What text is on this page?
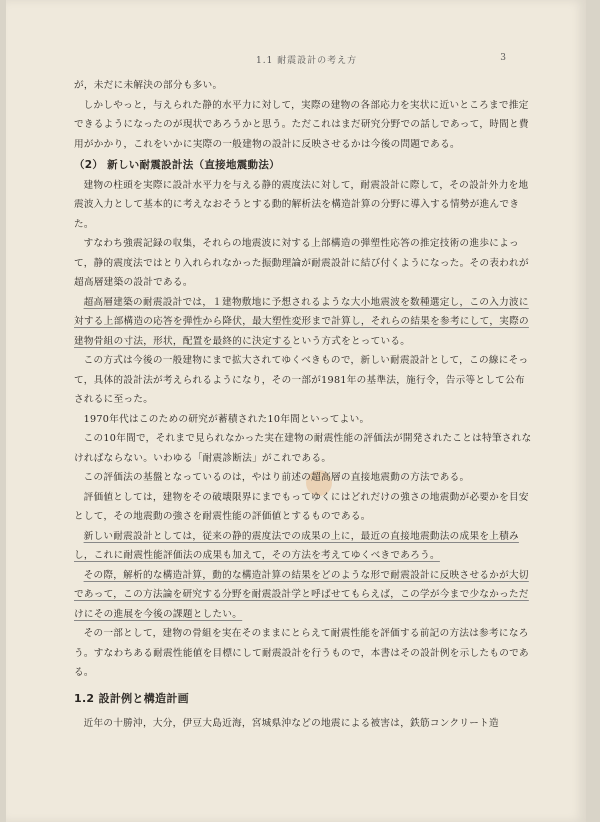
1.1 耐震設計の考え方	3

が，未だに未解決の部分も多い。

しかしやっと，与えられた静的水平力に対して，実際の建物の各部応力を実状に近いところまで推定できるようになったのが現状であろうかと思う。ただこれはまだ研究分野での話しであって，時間と費用がかかり，これをいかに実際の一般建物の設計に反映させるかは今後の問題である。

（2） 新しい耐震設計法（直接地震動法）

建物の柱頭を実際に設計水平力を与える静的震度法に対して，耐震設計に際して，その設計外力を地震波入力として基本的に考えなおそうとする動的解析法を構造計算の分野に導入する情勢が進んできた。

すなわち強震記録の収集，それらの地震波に対する上部構造の弾塑性応答の推定技術の進歩によって，静的震度法ではとり入れられなかった振動理論が耐震設計に結び付くようになった。その表われが超高層建築の設計である。

超高層建築の耐震設計では，１建物敷地に予想されるような大小地震波を数種選定し，この入力波に対する上部構造の応答を弾性から降伏，最大塑性変形まで計算し，それらの結果を参考にして，実際の建物骨組の寸法，形状，配置を最終的に決定するという方式をとっている。

この方式は今後の一般建物にまで拡大されてゆくべきもので，新しい耐震設計として，この線にそって，具体的設計法が考えられるようになり，その一部が1981年の基準法，施行令，告示等として公布されるに至った。

1970年代はこのための研究が蓄積された10年間といってよい。

この10年間で，それまで見られなかった実在建物の耐震性能の評価法が開発されたことは特筆されなければならない。いわゆる「耐震診断法」がこれである。

この評価法の基盤となっているのは，やはり前述の超高層の直接地震動の方法である。

評価値としては，建物をその破壊限界にまでもってゆくにはどれだけの強さの地震動が必要かを目安として，その地震動の強さを耐震性能の評価値とするものである。

新しい耐震設計としては，従来の静的震度法での成果の上に，最近の直接地震動法の成果を上積みし，これに耐震性能評価法の成果も加えて，その方法を考えてゆくべきであろう。

その際，解析的な構造計算，動的な構造計算の結果をどのような形で耐震設計に反映させるかが大切であって，この方法論を研究する分野を耐震設計学と呼ばせてもらえば，この学が今まで少なかっただけにその進展を今後の課題としたい。

その一部として，建物の骨組を実在そのままにとらえて耐震性能を評価する前記の方法は参考になろう。すなわちある耐震性能値を目標にして耐震設計を行うもので，本書はその設計例を示したものである。

1.2 設計例と構造計画

近年の十勝沖，大分，伊豆大島近海，宮城県沖などの地震による被害は，鉄筋コンクリート造
